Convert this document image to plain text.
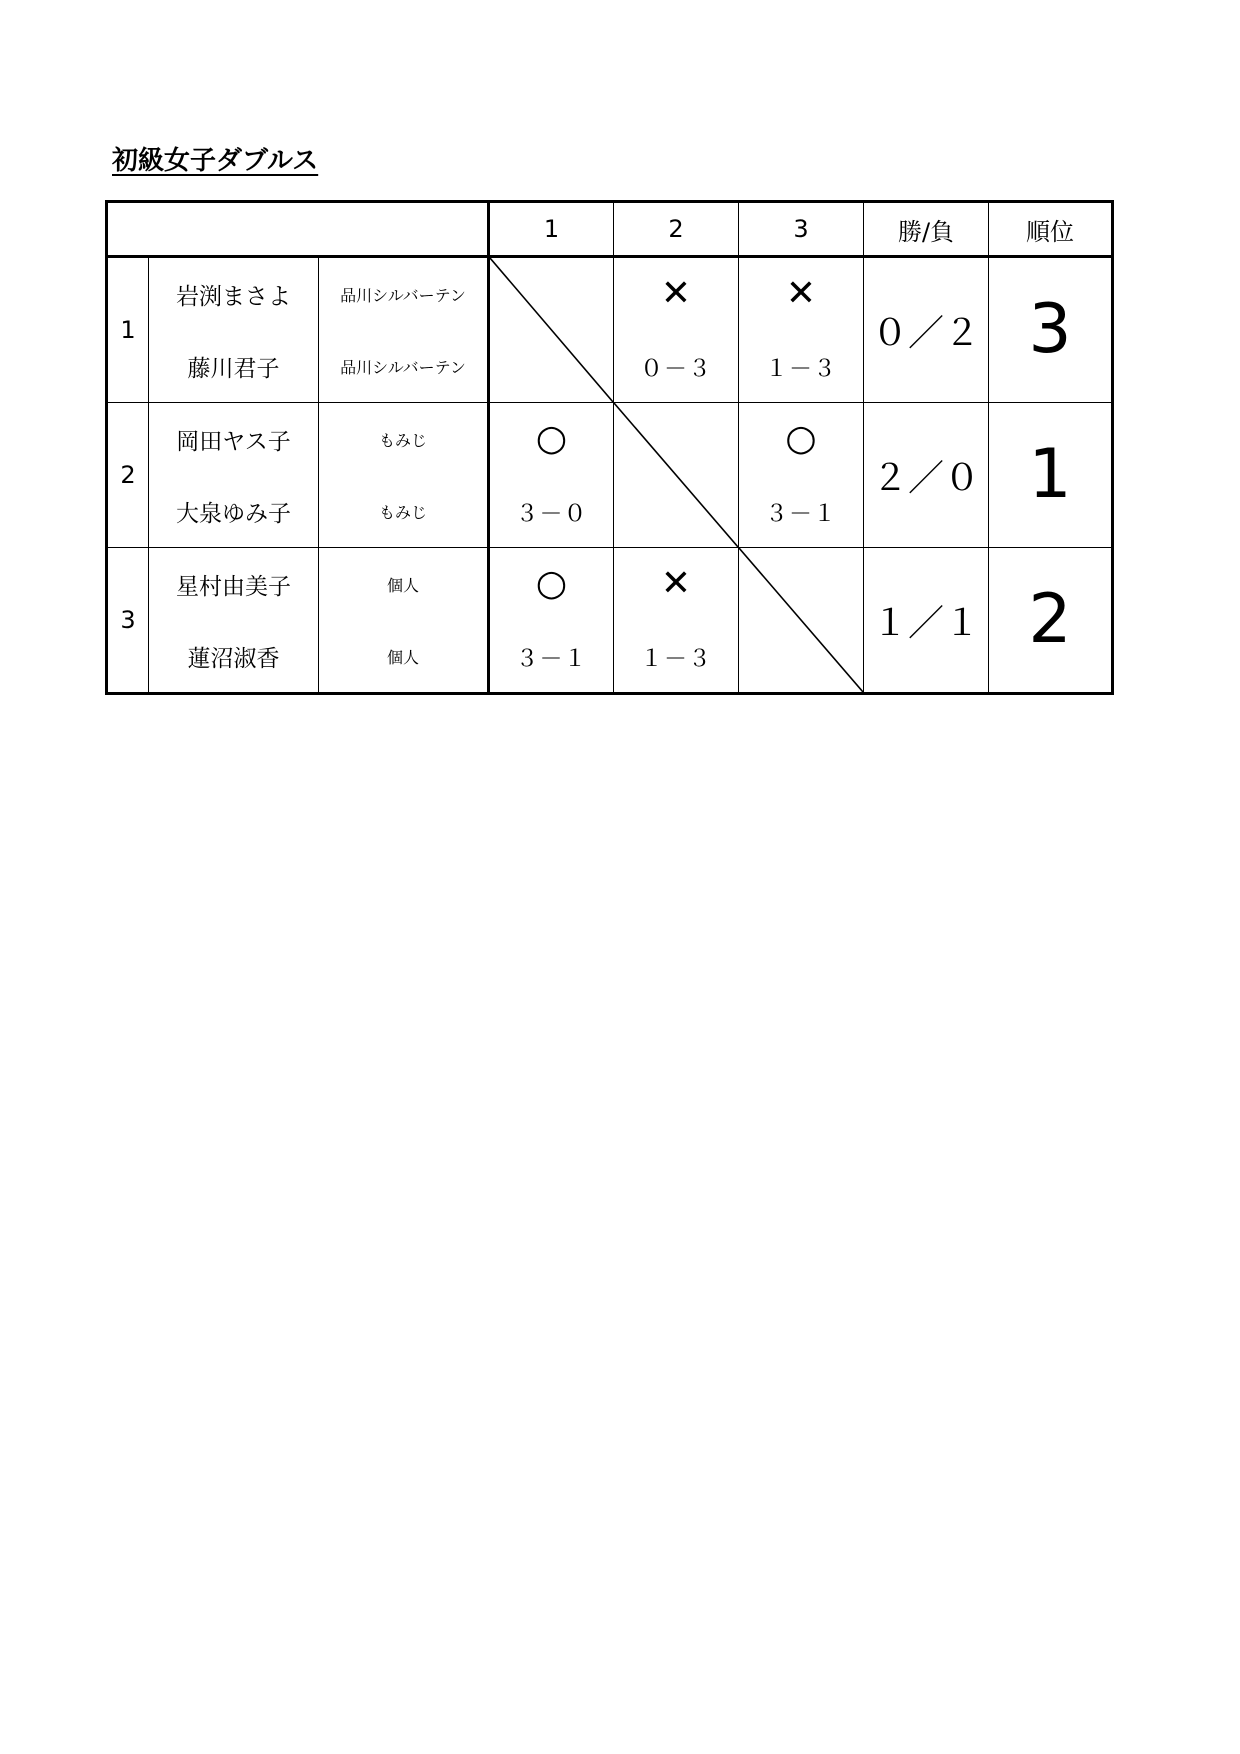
初級女子ダブルス
			1	2	3	勝/負	順位
1	岩渕まさよ	品川シルバーテン		✕	✕	０／２	3
	藤川君子	品川シルバーテン		０－３	１－３		
2	岡田ヤス子	もみじ	○		○	２／０	1
	大泉ゆみ子	もみじ	３－０		３－１		
3	星村由美子	個人	○	✕		１／１	2
	蓮沼淑香	個人	３－１	１－３			
